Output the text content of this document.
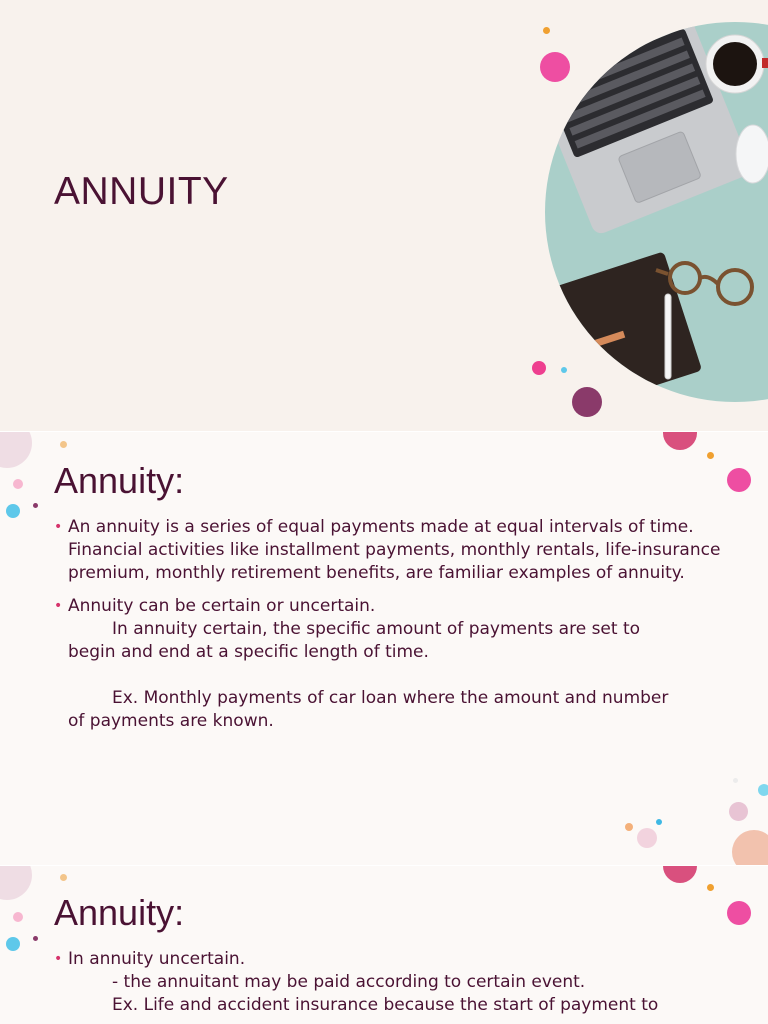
ANNUITY
Annuity:
• An annuity is a series of equal payments made at equal intervals of time. Financial activities like installment payments, monthly rentals, life-insurance premium, monthly retirement benefits, are familiar examples of annuity.
• Annuity can be certain or uncertain.
In annuity certain, the specific amount of payments are set to
begin and end at a specific length of time.
Ex. Monthly payments of car loan where the amount and number
of payments are known.
Annuity:
• In annuity uncertain.
- the annuitant may be paid according to certain event.
Ex. Life and accident insurance because the start of payment to
